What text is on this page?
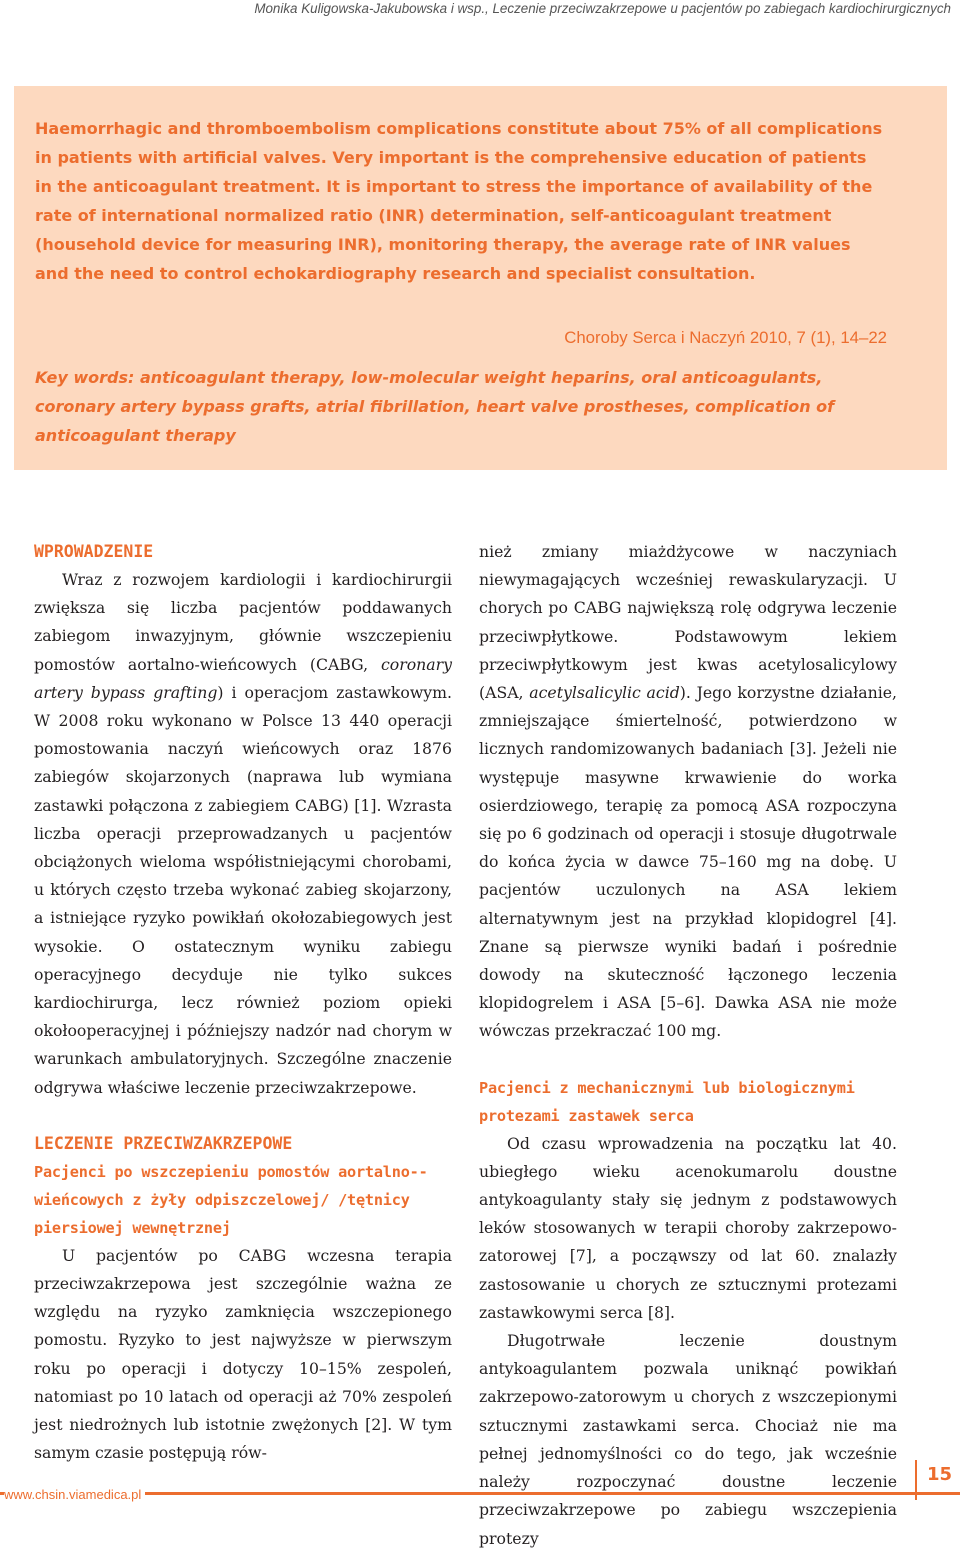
Monika Kuligowska-Jakubowska i wsp., Leczenie przeciwzakrzepowe u pacjentów po zabiegach kardiochirurgicznych

Haemorrhagic and thromboembolism complications constitute about 75% of all complications in patients with artificial valves. Very important is the comprehensive education of patients in the anticoagulant treatment. It is important to stress the importance of availability of the rate of international normalized ratio (INR) determination, self-anticoagulant treatment (household device for measuring INR), monitoring therapy, the average rate of INR values and the need to control echokardiography research and specialist consultation.

Choroby Serca i Naczyń 2010, 7 (1), 14–22

Key words: anticoagulant therapy, low-molecular weight heparins, oral anticoagulants, coronary artery bypass grafts, atrial fibrillation, heart valve prostheses, complication of anticoagulant therapy

WPROWADZENIE

Wraz z rozwojem kardiologii i kardiochirurgii zwiększa się liczba pacjentów poddawanych zabiegom inwazyjnym, głównie wszczepieniu pomostów aortalno-wieńcowych (CABG, coronary artery bypass grafting) i operacjom zastawkowym. W 2008 roku wykonano w Polsce 13 440 operacji pomostowania naczyń wieńcowych oraz 1876 zabiegów skojarzonych (naprawa lub wymiana zastawki połączona z zabiegiem CABG) [1]. Wzrasta liczba operacji przeprowadzanych u pacjentów obciążonych wieloma współistniejącymi chorobami, u których często trzeba wykonać zabieg skojarzony, a istniejące ryzyko powikłań okołozabiegowych jest wysokie. O ostatecznym wyniku zabiegu operacyjnego decyduje nie tylko sukces kardiochirurga, lecz również poziom opieki okołooperacyjnej i późniejszy nadzór nad chorym w warunkach ambulatoryjnych. Szczególne znaczenie odgrywa właściwe leczenie przeciwzakrzepowe.

LECZENIE PRZECIWZAKRZEPOWE
Pacjenci po wszczepieniu pomostów aortalno--wieńcowych z żyły odpiszczelowej/ /tętnicy piersiowej wewnętrznej

U pacjentów po CABG wczesna terapia przeciwzakrzepowa jest szczególnie ważna ze względu na ryzyko zamknięcia wszczepionego pomostu. Ryzyko to jest najwyższe w pierwszym roku po operacji i dotyczy 10–15% zespoleń, natomiast po 10 latach od operacji aż 70% zespoleń jest niedrożnych lub istotnie zwężonych [2]. W tym samym czasie postępują rów-

nież zmiany miażdżycowe w naczyniach niewymagających wcześniej rewaskularyzacji. U chorych po CABG największą rolę odgrywa leczenie przeciwpłytkowe. Podstawowym lekiem przeciwpłytkowym jest kwas acetylosalicylowy (ASA, acetylsalicylic acid). Jego korzystne działanie, zmniejszające śmiertelność, potwierdzono w licznych randomizowanych badaniach [3]. Jeżeli nie występuje masywne krwawienie do worka osierdziowego, terapię za pomocą ASA rozpoczyna się po 6 godzinach od operacji i stosuje długotrwale do końca życia w dawce 75–160 mg na dobę. U pacjentów uczulonych na ASA lekiem alternatywnym jest na przykład klopidogrel [4]. Znane są pierwsze wyniki badań i pośrednie dowody na skuteczność łączonego leczenia klopidogrelem i ASA [5–6]. Dawka ASA nie może wówczas przekraczać 100 mg.

Pacjenci z mechanicznymi lub biologicznymi protezami zastawek serca

Od czasu wprowadzenia na początku lat 40. ubiegłego wieku acenokumarolu doustne antykoagulanty stały się jednym z podstawowych leków stosowanych w terapii choroby zakrzepowo-zatorowej [7], a począwszy od lat 60. znalazły zastosowanie u chorych ze sztucznymi protezami zastawkowymi serca [8].

Długotrwałe leczenie doustnym antykoagulantem pozwala uniknąć powikłań zakrzepowo-zatorowym u chorych z wszczepionymi sztucznymi zastawkami serca. Chociaż nie ma pełnej jednomyślności co do tego, jak wcześnie należy rozpoczynać doustne leczenie przeciwzakrzepowe po zabiegu wszczepienia protezy

www.chsin.viamedica.pl
15
